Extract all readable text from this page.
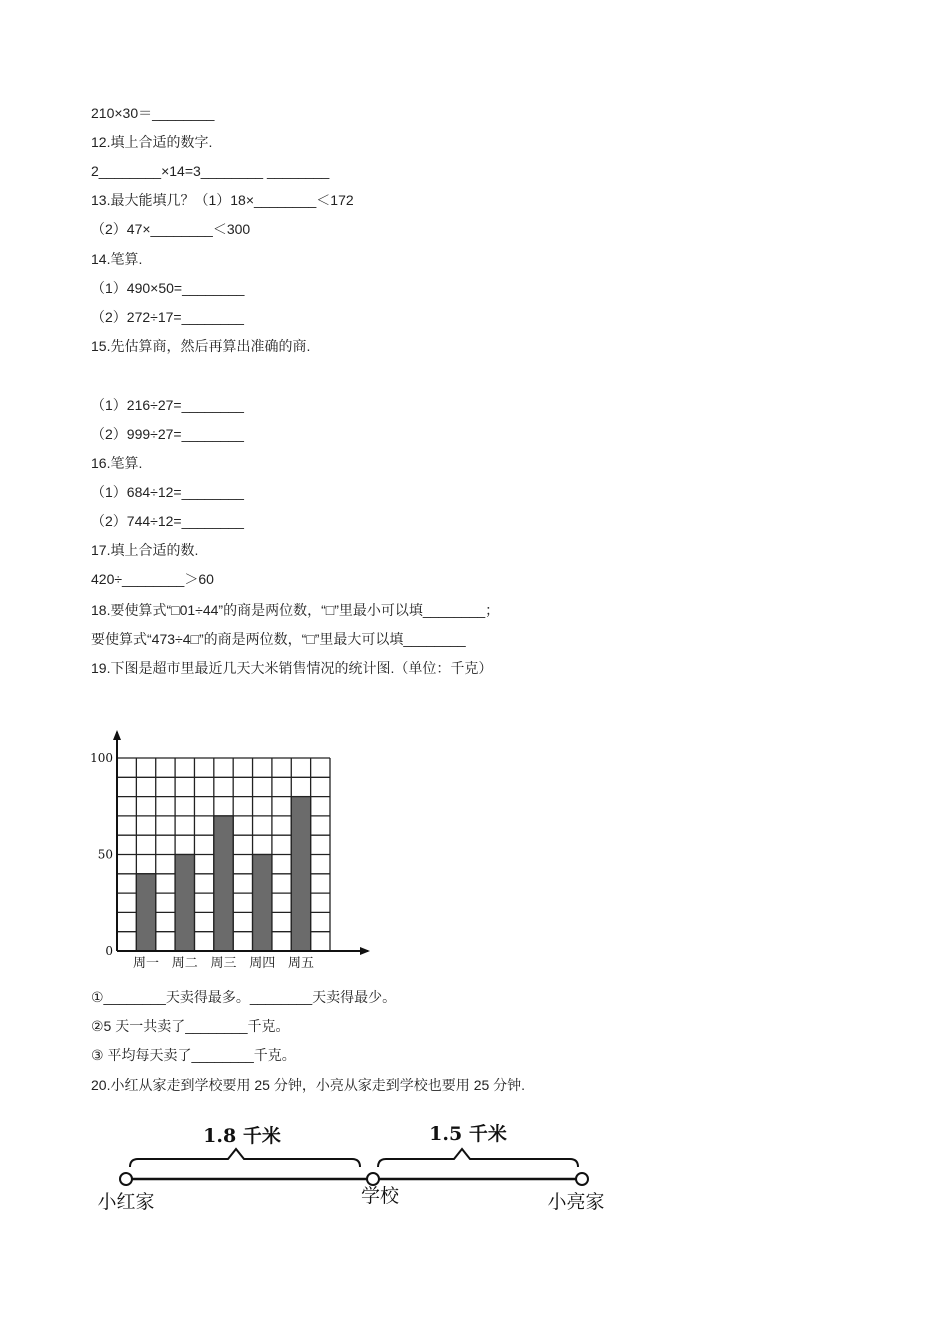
210×30＝________
12.填上合适的数字.
2________×14=3________ ________
13.最大能填几？（1）18×________＜172
（2）47×________＜300
14.笔算.
（1）490×50=________
（2）272÷17=________
15.先估算商，然后再算出准确的商.
（1）216÷27=________
（2）999÷27=________
16.笔算.
（1）684÷12=________
（2）744÷12=________
17.填上合适的数.
420÷________＞60
18.要使算式“□01÷44”的商是两位数，“□”里最小可以填________；
要使算式“473÷4□”的商是两位数，“□”里最大可以填________
19.下图是超市里最近几天大米销售情况的统计图.（单位：千克）
0
50
100
周一 周二 周三 周四 周五
①________天卖得最多。________天卖得最少。
②5 天一共卖了________千克。
③ 平均每天卖了________千克。
20.小红从家走到学校要用 25 分钟，小亮从家走到学校也要用 25 分钟.
1.8 千米	1.5 千米
小红家	学校	小亮家
